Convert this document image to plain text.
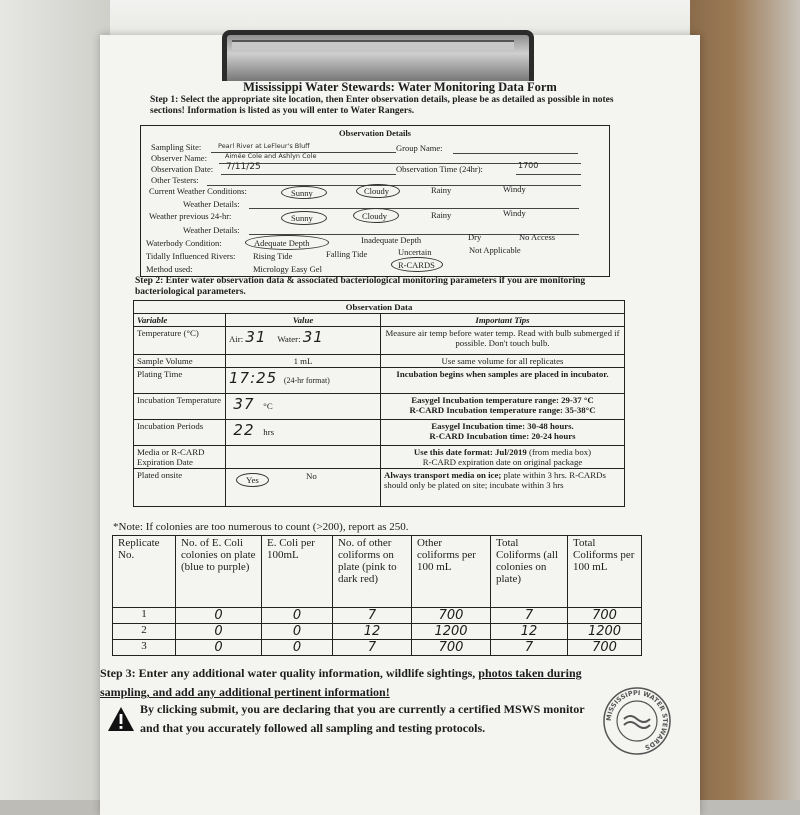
Mississippi Water Stewards: Water Monitoring Data Form
Step 1: Select the appropriate site location, then Enter observation details, please be as detailed as possible in notes sections! Information is listed as you will enter to Water Rangers.
Observation Details
Sampling Site:	Pearl River at LeFleur's Bluff	Group Name:
Observer Name:	Aimée Cole and Ashlyn Cole
Observation Date: 7/11/25	Observation Time (24hr):	1700
Other Testers:
Current Weather Conditions:	Sunny	Cloudy	Rainy	Windy
Weather Details:
Weather previous 24-hr:	Sunny	Cloudy	Rainy	Windy
Weather Details:
Waterbody Condition:	Adequate Depth	Inadequate Depth	Dry	No Access
Tidally Influenced Rivers: Rising Tide	Falling Tide	Uncertain	Not Applicable
Method used:	Micrology Easy Gel	R-CARDS
Step 2: Enter water observation data & associated bacteriological monitoring parameters if you are monitoring bacteriological parameters.
Observation Data		
Variable	Value	Important Tips
Temperature (°C)	Air: 31 Water: 31	Measure air temp before water temp. Read with bulb submerged if possible. Don't touch bulb.
Sample Volume	1 mL	Use same volume for all replicates
Plating Time	17:25 (24-hr format)	Incubation begins when samples are placed in incubator.
Incubation Temperature	37 °C	Easygel Incubation temperature range: 29-37 °C
R-CARD Incubation temperature range: 35-38°C

Incubation Periods	22 hrs	Easygel Incubation time: 30-48 hours.
R-CARD Incubation time: 20-24 hours

Media or R-CARD Expiration Date		Use this date format: Jul/2019 (from media box)
R-CARD expiration date on original package

Plated onsite	Yes No	Always transport media on ice; plate within 3 hrs. R-CARDs should only be plated on site; incubate within 3 hrs
*Note: If colonies are too numerous to count (>200), report as 250.
Replicate No.	No. of E. Coli colonies on plate (blue to purple)	E. Coli per 100mL	No. of other coliforms on plate (pink to dark red)	Other coliforms per 100 mL	Total Coliforms (all colonies on plate)	Total Coliforms per 100 mL
1	0	0	7	700	7	700
2	0	0	12	1200	12	1200
3	0	0	7	700	7	700
Step 3: Enter any additional water quality information, wildlife sightings, photos taken during sampling, and add any additional pertinent information!
By clicking submit, you are declaring that you are currently a certified MSWS monitor and that you accurately followed all sampling and testing protocols.
MISSISSIPPI WATER STEWARDS
